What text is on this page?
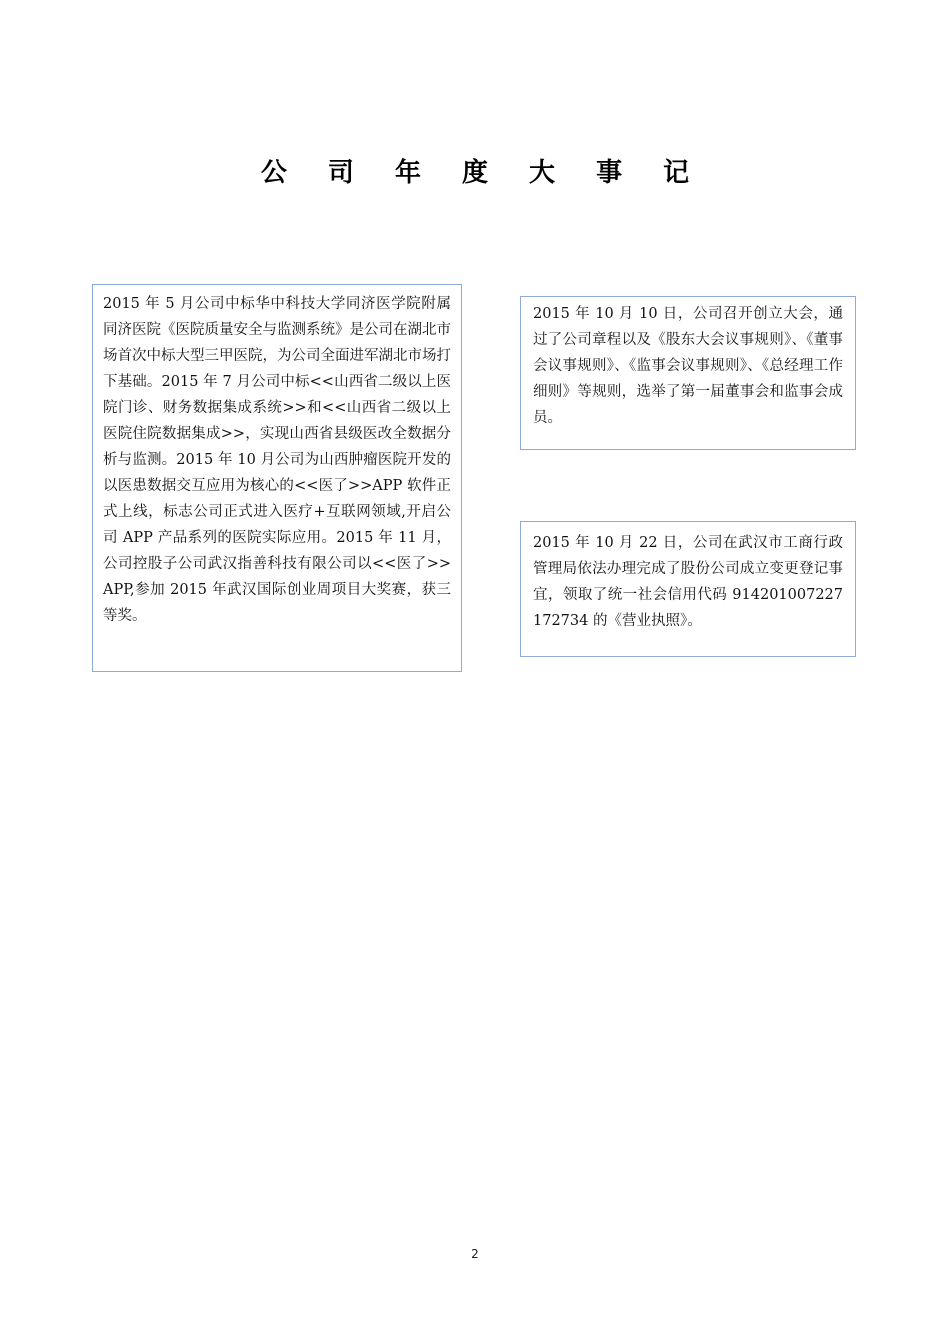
公 司 年 度 大 事 记

2015 年 5 月公司中标华中科技大学同济医学院附属同济医院《医院质量安全与监测系统》是公司在湖北市场首次中标大型三甲医院，为公司全面进军湖北市场打下基础。2015 年 7 月公司中标<<山西省二级以上医院门诊、财务数据集成系统>>和<<山西省二级以上医院住院数据集成>>，实现山西省县级医改全数据分析与监测。2015 年 10 月公司为山西肿瘤医院开发的以医患数据交互应用为核心的<<医了>>APP 软件正式上线，标志公司正式进入医疗+互联网领域,开启公司 APP 产品系列的医院实际应用。2015 年 11 月，公司控股子公司武汉指善科技有限公司以<<医了>>APP,参加 2015 年武汉国际创业周项目大奖赛，获三等奖。

2015 年 10 月 10 日，公司召开创立大会，通过了公司章程以及《股东大会议事规则》、《董事会议事规则》、《监事会议事规则》、《总经理工作细则》等规则，选举了第一届董事会和监事会成员。

2015 年 10 月 22 日，公司在武汉市工商行政管理局依法办理完成了股份公司成立变更登记事宜，领取了统一社会信用代码 914201007227172734 的《营业执照》。

2
